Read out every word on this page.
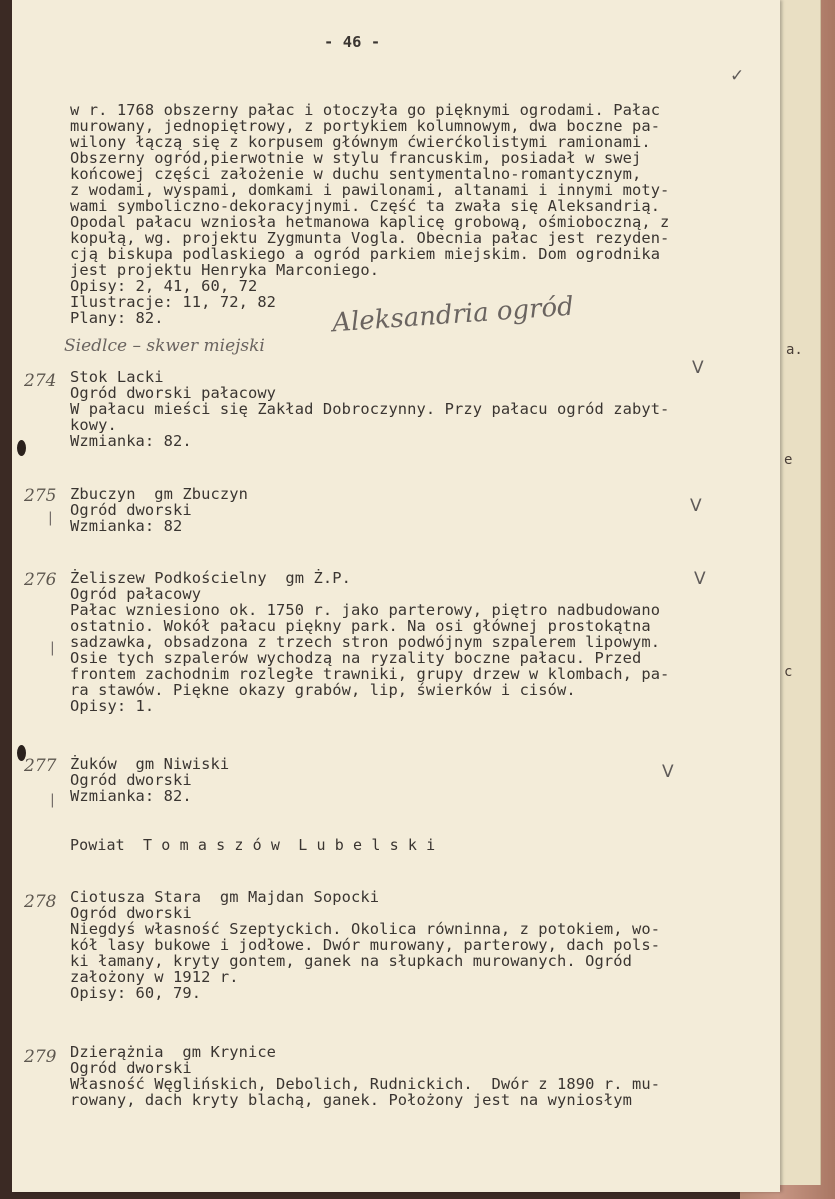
- 46 -

✓

w r. 1768 obszerny pałac i otoczyła go pięknymi ogrodami. Pałac

murowany, jednopiętrowy, z portykiem kolumnowym, dwa boczne pa-

wilony łączą się z korpusem głównym ćwierćkolistymi ramionami.

Obszerny ogród,pierwotnie w stylu francuskim, posiadał w swej

końcowej części założenie w duchu sentymentalno-romantycznym,

z wodami, wyspami, domkami i pawilonami, altanami i innymi moty-

wami symboliczno-dekoracyjnymi. Część ta zwała się Aleksandrią.

Opodal pałacu wzniosła hetmanowa kaplicę grobową, ośmioboczną, z

kopułą, wg. projektu Zygmunta Vogla. Obecnia pałac jest rezyden-

cją biskupa podlaskiego a ogród parkiem miejskim. Dom ogrodnika

jest projektu Henryka Marconiego.

Opisy: 2, 41, 60, 72

Ilustracje: 11, 72, 82

Plany: 82.

Siedlce – skwer miejski

Aleksandria ogród

274

V

Stok Lacki

Ogród dworski pałacowy

W pałacu mieści się Zakład Dobroczynny. Przy pałacu ogród zabyt-

kowy.

Wzmianka: 82.

275	V

|

Zbuczyn  gm Zbuczyn

Ogród dworski

Wzmianka: 82

276	V

|

Żeliszew Podkościelny  gm Ż.P.

Ogród pałacowy

Pałac wzniesiono ok. 1750 r. jako parterowy, piętro nadbudowano

ostatnio. Wokół pałacu piękny park. Na osi głównej prostokątna

sadzawka, obsadzona z trzech stron podwójnym szpalerem lipowym.

Osie tych szpalerów wychodzą na ryzality boczne pałacu. Przed

frontem zachodnim rozległe trawniki, grupy drzew w klombach, pa-

ra stawów. Piękne okazy grabów, lip, świerków i cisów.

Opisy: 1.

277	V

|

Żuków  gm Niwiski

Ogród dworski

Wzmianka: 82.

Powiat  T o m a s z ó w  L u b e l s k i

278 Ciotusza Stara  gm Majdan Sopocki

Ogród dworski

Niegdyś własność Szeptyckich. Okolica równinna, z potokiem, wo-

kół lasy bukowe i jodłowe. Dwór murowany, parterowy, dach pols-

ki łamany, kryty gontem, ganek na słupkach murowanych. Ogród

założony w 1912 r.

Opisy: 60, 79.

279 Dzierążnia  gm Krynice

Ogród dworski

Własność Węglińskich, Debolich, Rudnickich.  Dwór z 1890 r. mu-

rowany, dach kryty blachą, ganek. Położony jest na wyniosłym

a.

e

c
